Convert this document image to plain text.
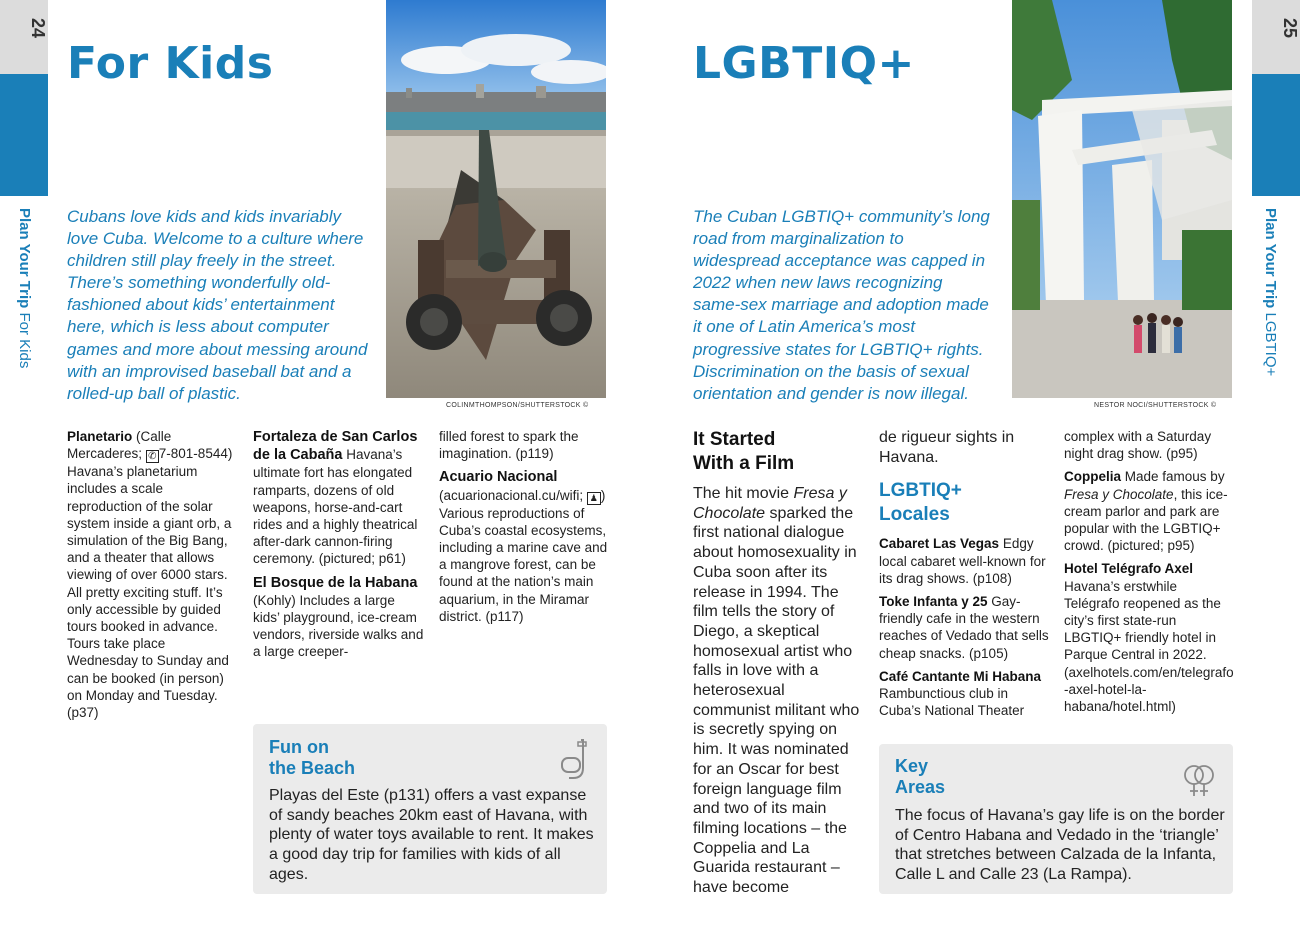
24
Plan Your Trip For Kids
For Kids
Cubans love kids and kids invariably love Cuba. Welcome to a culture where children still play freely in the street. There’s something wonderfully old-fashioned about kids’ entertainment here, which is less about computer games and more about messing around with an improvised baseball bat and a rolled-up ball of plastic.
COLINMTHOMPSON/SHUTTERSTOCK ©

Planetario (Calle Mercaderes; ✆ 7-801-8544) Havana’s planetarium includes a scale reproduction of the solar system inside a giant orb, a simulation of the Big Bang, and a theater that allows viewing of over 6000 stars. All pretty exciting stuff. It’s only accessible by guided tours booked in advance. Tours take place Wednesday to Sunday and can be booked (in person) on Monday and Tuesday. (p37)

Fortaleza de San Carlos de la Cabaña Havana’s ultimate fort has elongated ramparts, dozens of old weapons, horse-and-cart rides and a highly theatrical after-dark cannon-firing ceremony. (pictured; p61)

El Bosque de la Habana (Kohly) Includes a large kids’ playground, ice-cream vendors, riverside walks and a large creeper-

filled forest to spark the imagination. (p119)

Acuario Nacional (acuarionacional.cu/wifi; ♟ ) Various reproductions of Cuba’s coastal ecosystems, including a marine cave and a mangrove forest, can be found at the nation’s main aquarium, in the Miramar district. (p117)

Fun on
the Beach
Playas del Este (p131) offers a vast expanse of sandy beaches 20km east of Havana, with plenty of water toys available to rent. It makes a good day trip for families with kids of all ages.
25
Plan Your Trip LGBTIQ+
LGBTIQ+
The Cuban LGBTIQ+ community’s long road from marginalization to widespread acceptance was capped in 2022 when new laws recognizing same-sex marriage and adoption made it one of Latin America’s most progressive states for LGBTIQ+ rights. Discrimination on the basis of sexual orientation and gender is now illegal.
NESTOR NOCI/SHUTTERSTOCK ©
It Started
With a Film
The hit movie Fresa y Chocolate sparked the first national dialogue about homosexuality in Cuba soon after its release in 1994. The film tells the story of Diego, a skeptical homosexual artist who falls in love with a heterosexual communist militant who is secretly spying on him. It was nominated for an Oscar for best foreign language film and two of its main filming locations – the Coppelia and La Guarida restaurant – have become
de rigueur sights in Havana.
LGBTIQ+
Locales

Cabaret Las Vegas Edgy local cabaret well-known for its drag shows. (p108)

Toke Infanta y 25 Gay-friendly cafe in the western reaches of Vedado that sells cheap snacks. (p105)

Café Cantante Mi Habana Rambunctious club in Cuba’s National Theater

complex with a Saturday night drag show. (p95)

Coppelia Made famous by Fresa y Chocolate, this ice-cream parlor and park are popular with the LGBTIQ+ crowd. (pictured; p95)

Hotel Telégrafo Axel Havana’s erstwhile Telégrafo reopened as the city’s first state-run LBGTIQ+ friendly hotel in Parque Central in 2022. (axelhotels.com/en/telegrafo-axel-hotel-la-habana/hotel.html)

Key
Areas
The focus of Havana’s gay life is on the border of Centro Habana and Vedado in the ‘triangle’ that stretches between Calzada de la Infanta, Calle L and Calle 23 (La Rampa).
